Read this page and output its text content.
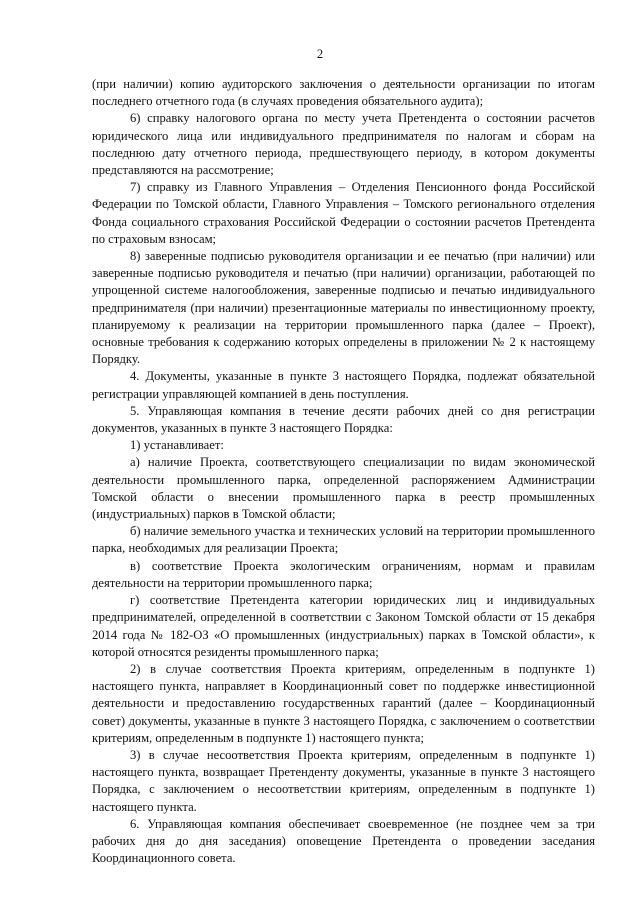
2

(при наличии) копию аудиторского заключения о деятельности организации по итогам последнего отчетного года (в случаях проведения обязательного аудита);

6) справку налогового органа по месту учета Претендента о состоянии расчетов юридического лица или индивидуального предпринимателя по налогам и сборам на последнюю дату отчетного периода, предшествующего периоду, в котором документы представляются на рассмотрение;

7) справку из Главного Управления – Отделения Пенсионного фонда Российской Федерации по Томской области, Главного Управления – Томского регионального отделения Фонда социального страхования Российской Федерации о состоянии расчетов Претендента по страховым взносам;

8) заверенные подписью руководителя организации и ее печатью (при наличии) или заверенные подписью руководителя и печатью (при наличии) организации, работающей по упрощенной системе налогообложения, заверенные подписью и печатью индивидуального предпринимателя (при наличии) презентационные материалы по инвестиционному проекту, планируемому к реализации на территории промышленного парка (далее – Проект), основные требования к содержанию которых определены в приложении № 2 к настоящему Порядку.

4. Документы, указанные в пункте 3 настоящего Порядка, подлежат обязательной регистрации управляющей компанией в день поступления.

5. Управляющая компания в течение десяти рабочих дней со дня регистрации документов, указанных в пункте 3 настоящего Порядка:

1) устанавливает:

а) наличие Проекта, соответствующего специализации по видам экономической деятельности промышленного парка, определенной распоряжением Администрации Томской области о внесении промышленного парка в реестр промышленных (индустриальных) парков в Томской области;

б) наличие земельного участка и технических условий на территории промышленного парка, необходимых для реализации Проекта;

в) соответствие Проекта экологическим ограничениям, нормам и правилам деятельности на территории промышленного парка;

г) соответствие Претендента категории юридических лиц и индивидуальных предпринимателей, определенной в соответствии с Законом Томской области от 15 декабря 2014 года № 182-ОЗ «О промышленных (индустриальных) парках в Томской области», к которой относятся резиденты промышленного парка;

2) в случае соответствия Проекта критериям, определенным в подпункте 1) настоящего пункта, направляет в Координационный совет по поддержке инвестиционной деятельности и предоставлению государственных гарантий (далее – Координационный совет) документы, указанные в пункте 3 настоящего Порядка, с заключением о соответствии критериям, определенным в подпункте 1) настоящего пункта;

3) в случае несоответствия Проекта критериям, определенным в подпункте 1) настоящего пункта, возвращает Претенденту документы, указанные в пункте 3 настоящего Порядка, с заключением о несоответствии критериям, определенным в подпункте 1) настоящего пункта.

6. Управляющая компания обеспечивает своевременное (не позднее чем за три рабочих дня до дня заседания) оповещение Претендента о проведении заседания Координационного совета.
